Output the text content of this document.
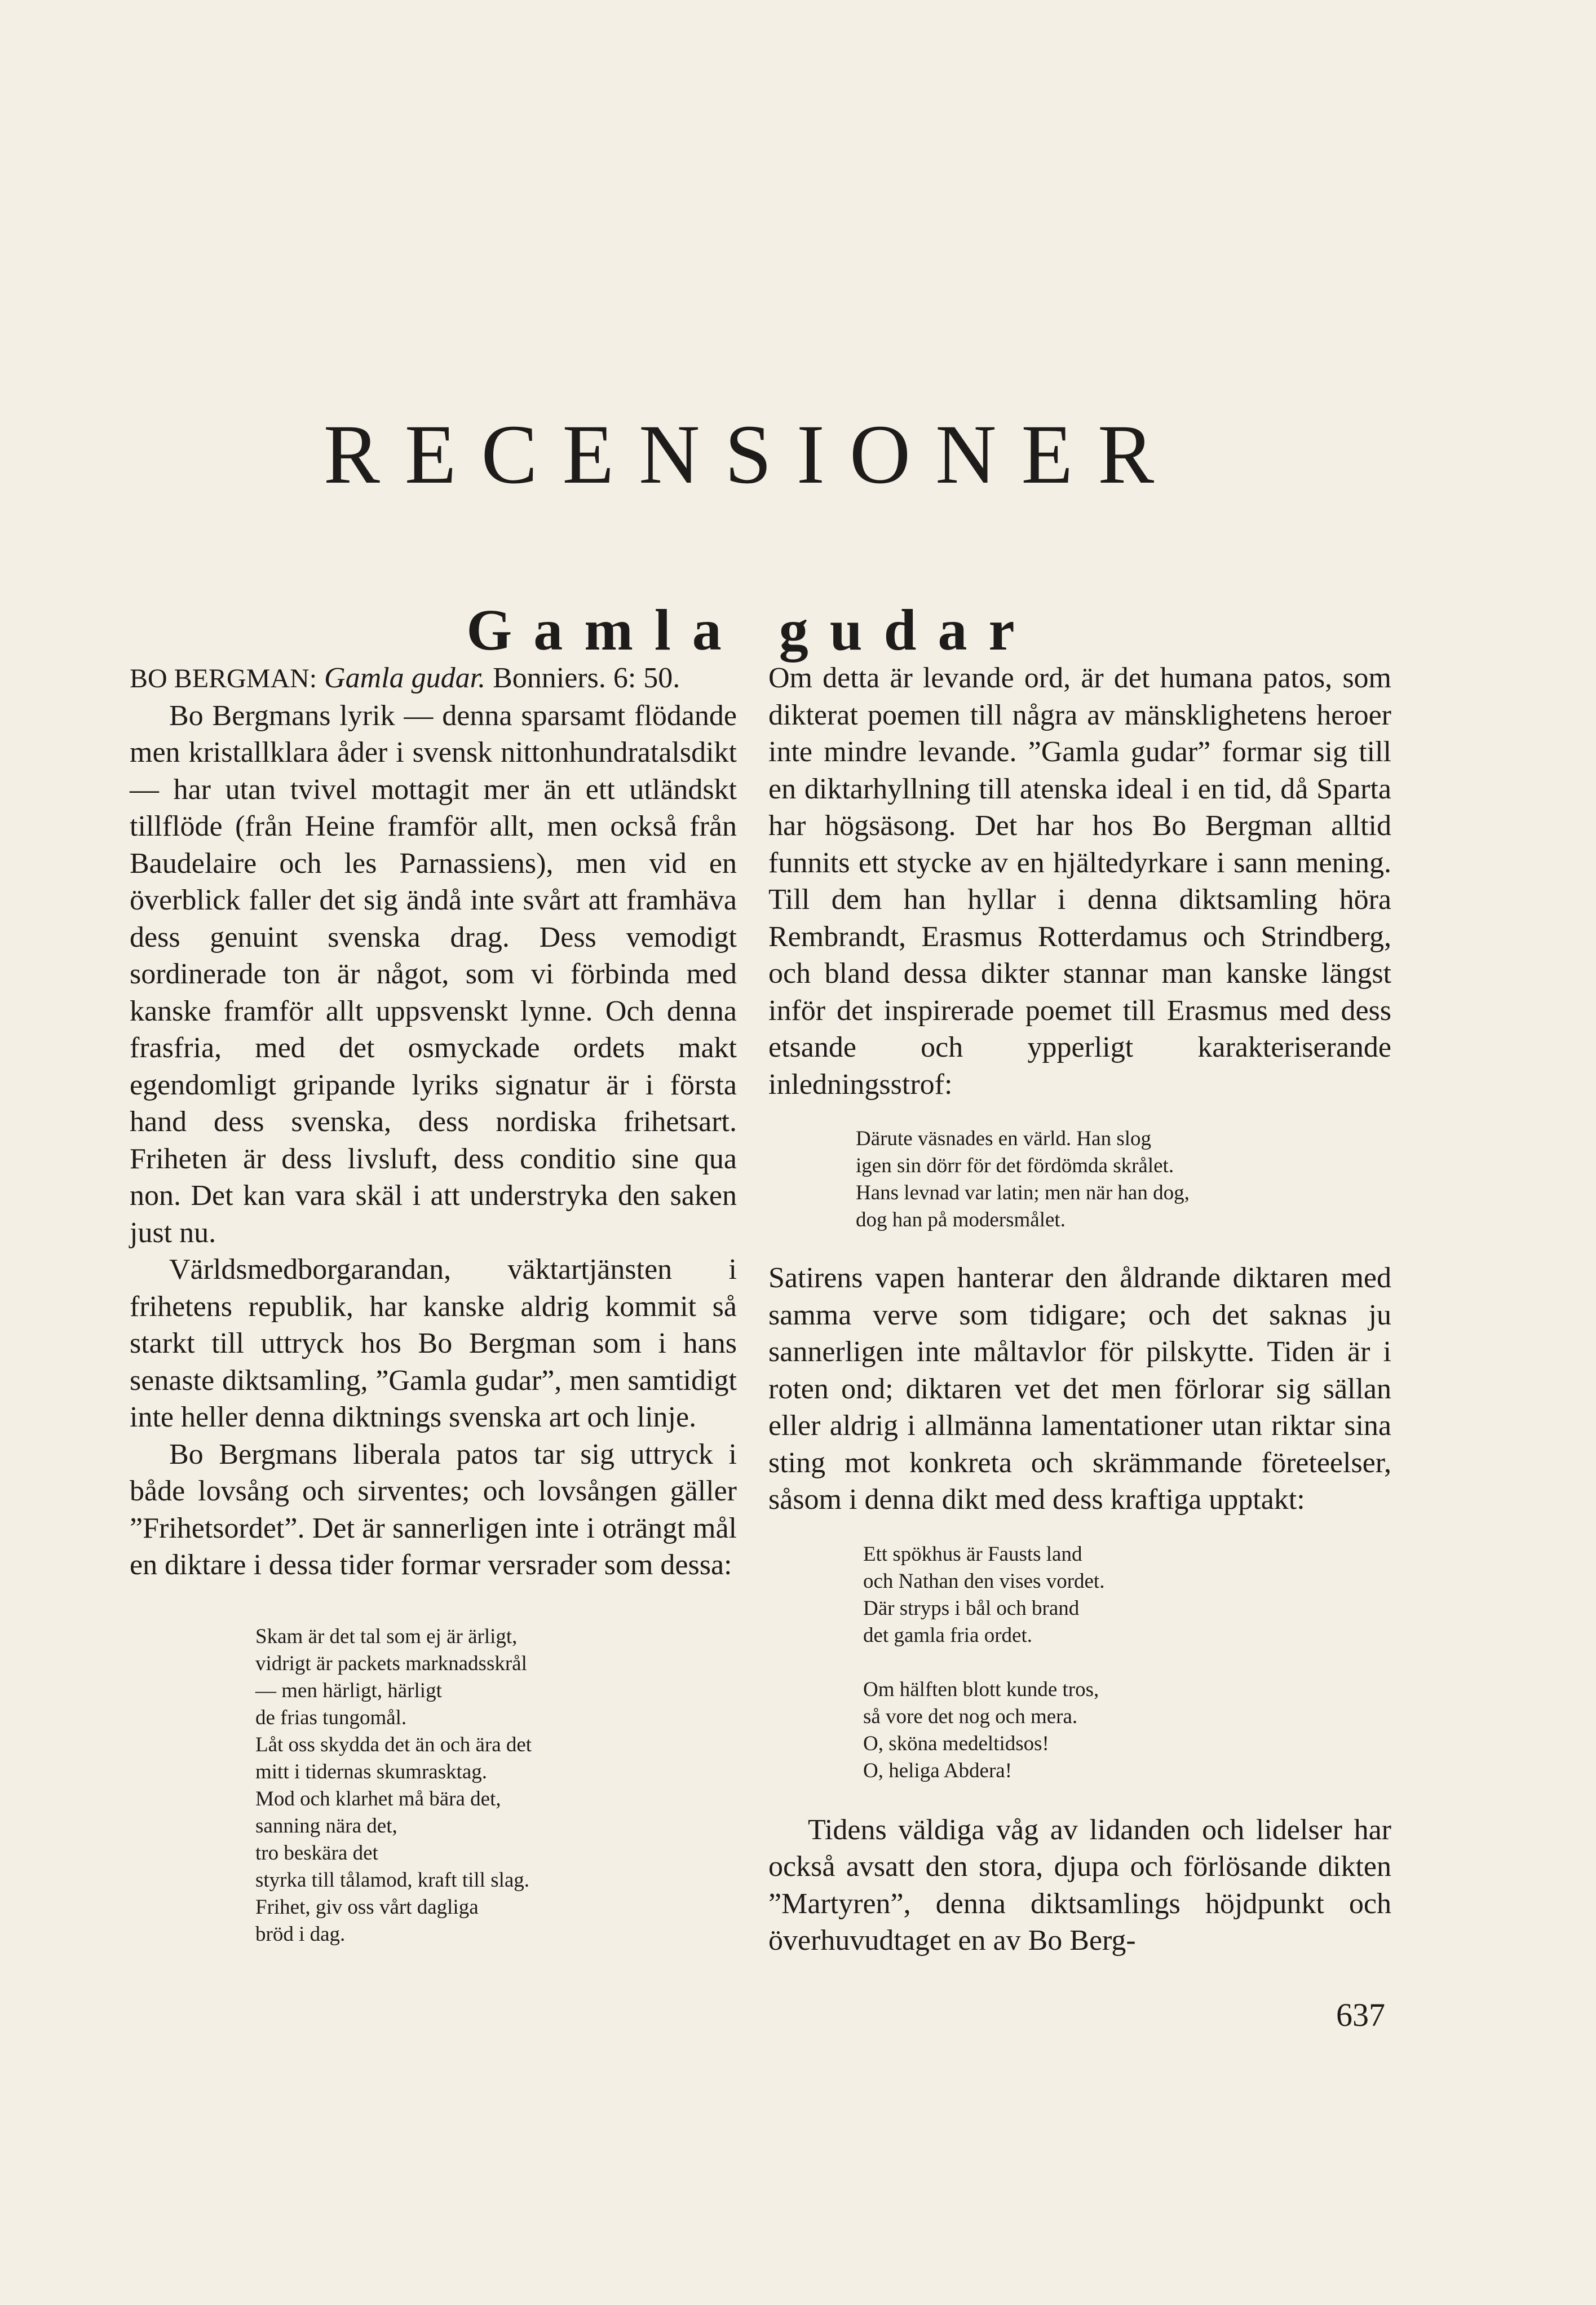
RECENSIONER
Gamla gudar

BO BERGMAN: Gamla gudar. Bonniers. 6: 50.

Bo Bergmans lyrik — denna sparsamt flödande men kristallklara åder i svensk nittonhundratalsdikt — har utan tvivel mottagit mer än ett utländskt tillflöde (från Heine framför allt, men också från Baudelaire och les Parnassiens), men vid en överblick faller det sig ändå inte svårt att framhäva dess genuint svenska drag. Dess vemodigt sordinerade ton är något, som vi förbinda med kanske framför allt uppsvenskt lynne. Och denna frasfria, med det osmyckade ordets makt egendomligt gripande lyriks signatur är i första hand dess svenska, dess nordiska frihetsart. Friheten är dess livsluft, dess conditio sine qua non. Det kan vara skäl i att understryka den saken just nu.

Världsmedborgarandan, väktartjänsten i frihetens republik, har kanske aldrig kommit så starkt till uttryck hos Bo Bergman som i hans senaste diktsamling, ”Gamla gudar”, men samtidigt inte heller denna diktnings svenska art och linje.

Bo Bergmans liberala patos tar sig uttryck i både lovsång och sirventes; och lovsången gäller ”Frihetsordet”. Det är sannerligen inte i oträngt mål en diktare i dessa tider formar versrader som dessa:

Skam är det tal som ej är ärligt,
vidrigt är packets marknadsskrål
— men härligt, härligt
de frias tungomål.
Låt oss skydda det än och ära det
mitt i tidernas skumrasktag.
Mod och klarhet må bära det,
sanning nära det,
tro beskära det
styrka till tålamod, kraft till slag.
Frihet, giv oss vårt dagliga
bröd i dag.

Om detta är levande ord, är det humana patos, som dikterat poemen till några av mänsklighetens heroer inte mindre levande. ”Gamla gudar” formar sig till en diktarhyllning till atenska ideal i en tid, då Sparta har högsäsong. Det har hos Bo Bergman alltid funnits ett stycke av en hjältedyrkare i sann mening. Till dem han hyllar i denna diktsamling höra Rembrandt, Erasmus Rotterdamus och Strindberg, och bland dessa dikter stannar man kanske längst inför det inspirerade poemet till Erasmus med dess etsande och ypperligt karakteriserande inledningsstrof:

Därute väsnades en värld. Han slog
igen sin dörr för det fördömda skrålet.
Hans levnad var latin; men när han dog,
dog han på modersmålet.

Satirens vapen hanterar den åldrande diktaren med samma verve som tidigare; och det saknas ju sannerligen inte måltavlor för pilskytte. Tiden är i roten ond; diktaren vet det men förlorar sig sällan eller aldrig i allmänna lamentationer utan riktar sina sting mot konkreta och skrämmande företeelser, såsom i denna dikt med dess kraftiga upptakt:

Ett spökhus är Fausts land
och Nathan den vises vordet.
Där stryps i bål och brand
det gamla fria ordet.
Om hälften blott kunde tros,
så vore det nog och mera.
O, sköna medeltidsos!
O, heliga Abdera!

Tidens väldiga våg av lidanden och lidelser har också avsatt den stora, djupa och förlösande dikten ”Martyren”, denna diktsamlings höjdpunkt och överhuvudtaget en av Bo Berg-

637
